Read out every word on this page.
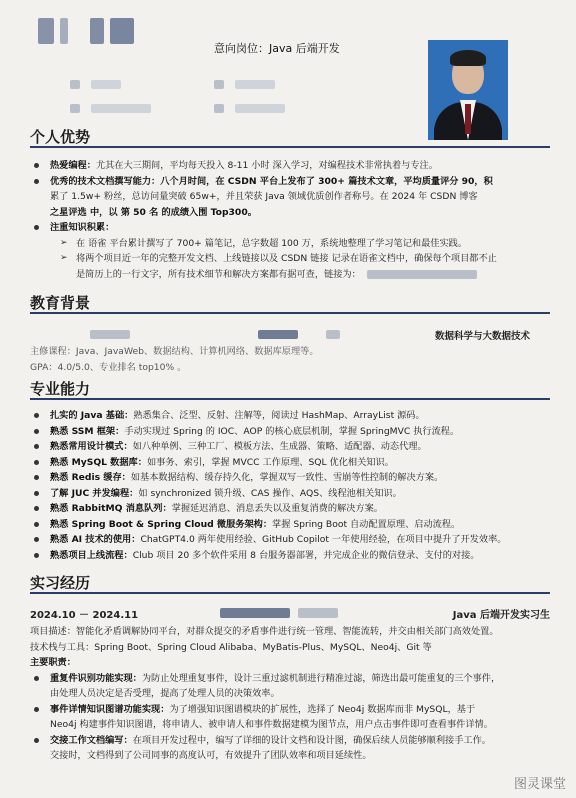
意向岗位：Java 后端开发

个人优势
热爱编程：尤其在大三期间，平均每天投入 8-11 小时 深入学习，对编程技术非常执着与专注。
优秀的技术文档撰写能力：八个月时间，在 CSDN 平台上发布了 300+ 篇技术文章，平均质量评分 90，积
累了 1.5w+ 粉丝，总访问量突破 65w+，并且荣获 Java 领域优质创作者称号。在 2024 年 CSDN 博客
之星评选 中，以 第 50 名 的成绩入围 Top300。
注重知识积累：
➢ 在 语雀 平台累计撰写了 700+ 篇笔记，总字数超 100 万，系统地整理了学习笔记和最佳实践。
➢ 将两个项目近一年的完整开发文档、上线链接以及 CSDN 链接 记录在语雀文档中，确保每个项目都不止
是简历上的一行文字，所有技术细节和解决方案都有据可查，链接为：
教育背景
数据科学与大数据技术
主修课程：Java、JavaWeb、数据结构、计算机网络、数据库原理等。
GPA：4.0/5.0、专业排名 top10% 。
专业能力
扎实的 Java 基础：熟悉集合、泛型、反射、注解等，阅读过 HashMap、ArrayList 源码。
熟悉 SSM 框架：手动实现过 Spring 的 IOC、AOP 的核心底层机制，掌握 SpringMVC 执行流程。
熟悉常用设计模式：如八种单例、三种工厂、模板方法、生成器、策略、适配器、动态代理。
熟悉 MySQL 数据库：如事务、索引，掌握 MVCC 工作原理、SQL 优化相关知识。
熟悉 Redis 缓存：如基本数据结构、缓存持久化，掌握双写一致性、雪崩等性控制的解决方案。
了解 JUC 并发编程：如 synchronized 锁升级、CAS 操作、AQS、线程池相关知识。
熟悉 RabbitMQ 消息队列：掌握延迟消息、消息丢失以及重复消费的解决方案。
熟悉 Spring Boot & Spring Cloud 微服务架构：掌握 Spring Boot 自动配置原理、启动流程。
熟悉 AI 技术的使用：ChatGPT4.0 两年使用经验、GitHub Copilot 一年使用经验，在项目中提升了开发效率。
熟悉项目上线流程：Club 项目 20 多个软件采用 8 台服务器部署，并完成企业的微信登录、支付的对接。
实习经历
2024.10 － 2024.11	Java 后端开发实习生
项目描述：智能化矛盾调解协同平台，对群众提交的矛盾事件进行统一管理、智能流转，并交由相关部门高效处置。
技术栈与工具：Spring Boot、Spring Cloud Alibaba、MyBatis-Plus、MySQL、Neo4j、Git 等
主要职责：
重复件识别功能实现：为防止处理重复事件，设计三重过滤机制进行精准过滤，筛选出最可能重复的三个事件，
由处理人员决定是否受理，提高了处理人员的决策效率。
事件详情知识图谱功能实现：为了增强知识图谱模块的扩展性，选择了 Neo4j 数据库而非 MySQL，基于
Neo4j 构建事件知识图谱，将申请人、被申请人和事件数据建模为图节点，用户点击事件即可查看事件详情。
交接工作文档编写：在项目开发过程中，编写了详细的设计文档和设计图，确保后续人员能够顺利接手工作。
交接时，文档得到了公司同事的高度认可，有效提升了团队效率和项目延续性。
图灵课堂
